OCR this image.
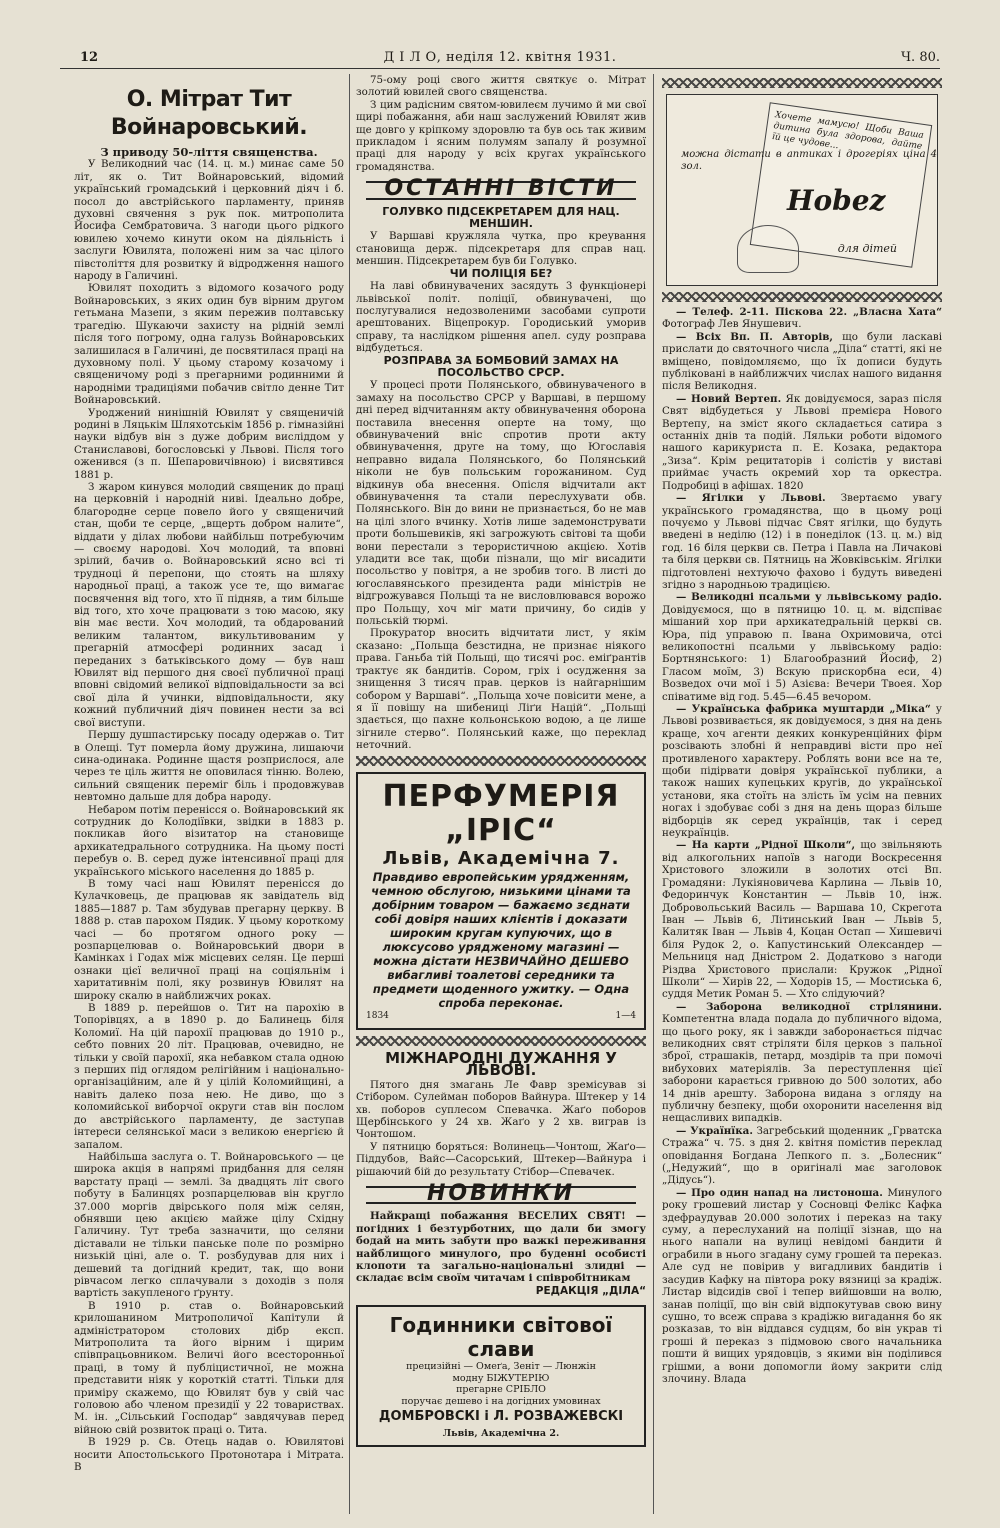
12	Д І Л О, неділя 12. квітня 1931.	Ч. 80.
О. Мітрат Тит Войнаровський.

З приводу 50-ліття священства.

У Великодний час (14. ц. м.) минає саме 50 літ, як о. Тит Войнаровський, відомий український громадський і церковний діяч і б. посол до австрійського парламенту, приняв духовні свячення з рук пок. митрополита Йосифа Сембратовича. З нагоди цього рідкого ювилею хочемо кинути оком на діяльність і заслуги Ювилята, положені ним за час цілого півстоліття для розвитку й відродження нашого народу в Галичині.

Ювилят походить з відомого козачого роду Войнаровських, з яких один був вірним другом гетьмана Мазепи, з яким пережив полтавську трагедію. Шукаючи захисту на рідній землі після того погрому, одна галузь Войнаровських залишилася в Галичині, де посвятилася праці на духовному полі. У цьому старому козачому і священичому роді з прегарними родинними й народніми традиціями побачив світло денне Тит Войнаровський.

Уроджений нинішній Ювилят у священичій родині в Ляцькім Шляхотськім 1856 р. гімназійні науки відбув він з дуже добрим висліддом у Станиславові, богословські у Львові. Після того оженився (з п. Шепаровичівною) і висвятився 1881 р.

З жаром кинувся молодий священик до праці на церковній і народній ниві. Ідеально добре, благородне серце повело його у священичий стан, щоби те серце, „вщерть добром налите“, віддати у ділах любови найбільш потребуючим — своєму народові. Хоч молодий, та вповні зрілий, бачив о. Войнаровський ясно всі ті трудноці й перепони, що стоять на шляху народньої праці, а також усе те, що вимагає посвячення від того, хто її підняв, а тим більше від того, хто хоче працювати з тою масою, яку він має вести. Хоч молодий, та обдарований великим талантом, викультивованим у прегарній атмосфері родинних засад і переданих з батьківського дому — був наш Ювилят від першого дня своєї публичної праці вповні свідомий великої відповідальности за всі свої діла й учинки, відповідальности, яку кожний публичний діяч повинен нести за всі свої виступи.

Першу душпастирську посаду одержав о. Тит в Олещі. Тут померла йому дружина, лишаючи сина-одинака. Родинне щастя розприслося, але через те ціль життя не оповилася тінню. Волею, сильний священик переміг біль і продовжував невтомно дальше для добра народу.

Небаром потім перенісся о. Войнаровський як сотрудник до Колодіївки, звідки в 1883 р. покликав його візитатор на становище архикатедрального сотрудника. На цьому пості перебув о. В. серед дуже інтенсивної праці для українського міського населення до 1885 р.

В тому часі наш Ювилят перенісся до Кулачковець, де працював як завідатель від 1885—1887 р. Там збудував прегарну церкву. В 1888 р. став парохом Пядик. У цьому короткому часі — бо протягом одного року — розпарцелював о. Войнаровський двори в Камінках і Годах між місцевих селян. Це перші ознаки цієї величної праці на соціяльнім і харитативнім полі, яку розвинув Ювилят на широку скалю в найближчих роках.

В 1889 р. перейшов о. Тит на парохію в Топорівцях, а в 1890 р. до Балинець біля Коломиї. На цій парохії працював до 1910 р., себто повних 20 літ. Працював, очевидно, не тільки у своїй парохії, яка небавком стала одною з перших під оглядом релігійним і національно-організаційним, але й у цілій Коломийщині, а навіть далеко поза нею. Не диво, що з коломийської виборчої округи став він послом до австрійського парламенту, де заступав інтереси селянської маси з великою енергією й запалом.

Найбільша заслуга о. Т. Войнаровського — це широка акція в напрямі придбання для селян варстату праці — землі. За двадцять літ свого побуту в Балинцях розпарцелював він кругло 37.000 моргів двірського поля між селян, обнявши цею акцією майже цілу Східну Галичину. Тут треба зазначити, що селяни діставали не тільки панське поле по розмірно низькій ціні, але о. Т. розбудував для них і дешевий та догідний кредит, так, що вони рівчасом легко сплачували з доходів з поля вартість закупленого ґрунту.

В 1910 р. став о. Войнаровський крилошанином Митрополичої Капітули й адміністратором столових дібр експ. Митрополита та його вірним і щирим співпрацьовником. Величі його всесторонньої праці, в тому й публіцистичної, не можна представити ніяк у короткій статті. Тільки для приміру скажемо, що Ювилят був у свій час головою або членом президії у 22 товариствах. М. ін. „Сільський Господар“ завдячував перед війною свій розвиток праці о. Тита.

В 1929 р. Св. Отець надав о. Ювилятові носити Апостольського Протонотара і Мітрата. В

75-ому році свого життя святкує о. Мітрат золотий ювилей свого священства.

З цим радісним святом-ювилеєм лучимо й ми свої щирі побажання, аби наш заслужений Ювилят жив ще довго у кріпкому здоровлю та був ось так живим прикладом і ясним полумям запалу й розумної праці для народу у всіх кругах українського громадянства.

ОСТАННІ ВІСТИ

ГОЛУВКО ПІДСЕКРЕТАРЕМ ДЛЯ НАЦ. МЕНШИН.

У Варшаві кружляла чутка, про креування становища держ. підсекретаря для справ нац. меншин. Підсекретарем був би Голувко.

ЧИ ПОЛІЦІЯ БЕ?

На лаві обвинувачених засядуть 3 функціонері львівської політ. поліції, обвинувачені, що послугувалися недозволеними засобами супроти арештованих. Віцепрокур. Городиський уморив справу, та наслідком рішення апел. суду розправа відбудеться.

РОЗПРАВА ЗА БОМБОВИЙ ЗАМАХ НА ПОСОЛЬСТВО СРСР.

У процесі проти Полянського, обвинуваченого в замаху на посольство СРСР у Варшаві, в першому дні перед відчитанням акту обвинувачення оборона поставила внесення оперте на тому, що обвинувачений вніс спротив проти акту обвинувачення, друге на тому, що Югославія неправно видала Полянського, бо Полянський ніколи не був польським горожанином. Суд відкинув оба внесення. Опісля відчитали акт обвинувачення та стали переслухувати обв. Полянського. Він до вини не признається, бо не мав на цілі злого вчинку. Хотів лише задемонструвати проти большевиків, які загрожують світові та щоби вони перестали з терористичною акцією. Хотів уладити все так, щоби пізнали, що міг висадити посольство у повітря, а не зробив того. В листі до югославянського президента ради міністрів не відгрожувався Польщі та не висловлювався ворожо про Польщу, хоч міг мати причину, бо сидів у польській тюрмі.

Прокуратор вносить відчитати лист, у якім сказано: „Польща безстидна, не признає ніякого права. Ганьба тій Польщі, що тисячі рос. еміґрантів трактує як бандитів. Сором, гріх і осудження за знищення 3 тисяч прав. церков із найгарнішим собором у Варшаві“. „Польща хоче повісити мене, а я її повішу на шибениці Ліґи Націй“. „Польщі здається, що пахне кольонською водою, а це лише зігниле стерво“. Полянський каже, що переклад неточний.

ПЕРФУМЕРІЯ „ІРІС“
Львів, Академічна 7.
Правдиво европейським урядженням, чемною обслугою, низькими цінами та добірним товаром — бажаємо зєднати собі довіря наших клієнтів і доказати широким кругам купуючих, що в люксусово урядженому магазині — можна дістати НЕЗВИЧАЙНО ДЕШЕВО вибагливі тоалетові середники та предмети щоденного ужитку. — Одна спроба переконає.
1834	1—4
МІЖНАРОДНІ ДУЖАННЯ У ЛЬВОВІ.

Пятого дня змагань Ле Фавр зремісував зі Стібором. Сулейман поборов Вайнура. Штекер у 14 хв. поборов суплесом Спевачка. Жаґо поборов Щербінського у 24 хв. Жаґо у 2 хв. виграв із Чонтошом.

У пятницю боряться: Волинець—Чонтош, Жаґо—Піддубов, Вайс—Сасорський, Штекер—Вайнура і рішаючий бій до результату Стібор—Спевачек.

НОВИНКИ

Найкращі побажання ВЕСЕЛИХ СВЯТ! — погідних і безтурботних, що дали би змогу бодай на мить забути про важкі переживання найблищого минулого, про буденні особисті клопоти та загально-національні злидні — складає всім своїм читачам і співробітникам

РЕДАКЦІЯ „ДІЛА“

Годинники світової слави
прецизійні — Омеґа, Зеніт — Люнжін
модну БІЖУТЕРІЮ
прегарне СРІБЛО
поручає дешево і на догідних умовинах
ДОМБРОВСКІ і Л. РОЗВАЖЕВСКІ
Львів, Академічна 2.
Хочете мамусю! Щоби Ваша дитина була здорова, дайте їй це чудове...
можна дістати в аптиках і дрогеріях ціна 4 зол.
Hobez
для дітей

— Телеф. 2-11. Піскова 22. „Власна Хата“ Фотограф Лев Янушевич.

— Всіх Вп. П. Авторів, що були ласкаві прислати до святочного числа „Діла“ статті, які не вміщено, повідомляємо, що їх дописи будуть публіковані в найближчих числах нашого видання після Великодня.

— Новий Вертеп. Як довідуємося, зараз після Свят відбудеться у Львові премієра Нового Вертепу, на зміст якого складається сатира з останніх днів та подій. Ляльки роботи відомого нашого карикуриста п. Е. Козака, редактора „Зиза“. Крім рецитаторів і солістів у виставі приймає участь окремий хор та оркестра. Подробиці в афішах. 1820

— Ягілки у Львові. Звертаємо увагу українського громадянства, що в цьому році почуємо у Львові підчас Свят ягілки, що будуть введені в неділю (12) і в понеділок (13. ц. м.) від год. 16 біля церкви св. Петра і Павла на Личакові та біля церкви св. Пятниць на Жовківськім. Ягілки підготовлені нехтуючо фахово і будуть виведені згідно з народньою традицією.

— Великодні псальми у львівському радіо. Довідуємося, що в пятницю 10. ц. м. відспіває мішаний хор при архикатедральній церкві св. Юра, під управою п. Івана Охримовича, отсі великопостні псальми у львівському радіо: Бортнянського: 1) Благообразний Йосиф, 2) Гласом моїм, 3) Вскую прискорбна еси, 4) Возведох очи мої і 5) Азієва: Вечери Твоея. Хор співатиме від год. 5.45—6.45 вечором.

— Українська фабрика муштарди „Міка“ у Львові розвивається, як довідуємося, з дня на день краще, хоч агенти деяких конкуренційних фірм розсівають злобні й неправдиві вісти про неї противленого характеру. Роблять вони все на те, щоби підірвати довіря української публики, а також наших купецьких кругів, до української установи, яка стоїть на злість їм усім на певних ногах і здобуває собі з дня на день щораз більше відборців як серед українців, так і серед неукраїнців.

— На карти „Рідної Школи“, що звільняють від алкогольних напоїв з нагоди Воскресення Христового зложили в золотих отсі Вп. Громадяни: Лукіяновичева Карлина — Львів 10, Федоринчук Константин — Львів 10, інж. Добровольський Василь — Варшава 10, Скрегота Іван — Львів 6, Літинський Іван — Львів 5, Калитяк Іван — Львів 4, Коцан Остап — Хишевичі біля Рудок 2, о. Капустинський Олександер — Мельниця над Дністром 2. Додатково з нагоди Різдва Христового прислали: Кружок „Рідної Школи“ — Хирів 22, — Ходорів 15, — Мостиська 6, суддя Метик Роман 5. — Хто слідуючий?

— Заборона великодної стрілянини. Компетентна влада подала до публичного відома, що цього року, як і завжди заборонається підчас великодних свят стріляти біля церков з пальної зброї, страшаків, петард, моздірів та при помочі вибухових матеріялів. За переступлення цієї заборони карається гривною до 500 золотих, або 14 днів арешту. Заборона видана з огляду на публичну безпеку, щоби охоронити населення від нещасливих випадків.

— Українїка. Загребський щоденник „Грватска Стража“ ч. 75. з дня 2. квітня помістив переклад оповідання Богдана Лепкого п. з. „Болесник“ („Недужий“, що в оригіналі має заголовок „Дідусь“).

— Про один напад на листоноша. Минулого року грошевий листар у Сосновці Фелікс Кафка здефраудував 20.000 золотих і переказ на таку суму, а переслуханий на поліції зізнав, що на нього напали на вулиці невідомі бандити й ограбили в нього згадану суму грошей та переказ. Але суд не повірив у вигадливих бандитів і засудив Кафку на півтора року вязниці за крадіж. Листар відсидів свої і тепер вийшовши на волю, занав поліції, що він свій відпокутував свою вину сушно, то всеж справа з крадіжю вигадання бо як розказав, то він віддався судцям, бо він украв ті гроші й переказ з підмовою свого начальника пошти й вищих урядовців, з якими він поділився грішми, а вони допомогли йому закрити слід злочину. Влада
